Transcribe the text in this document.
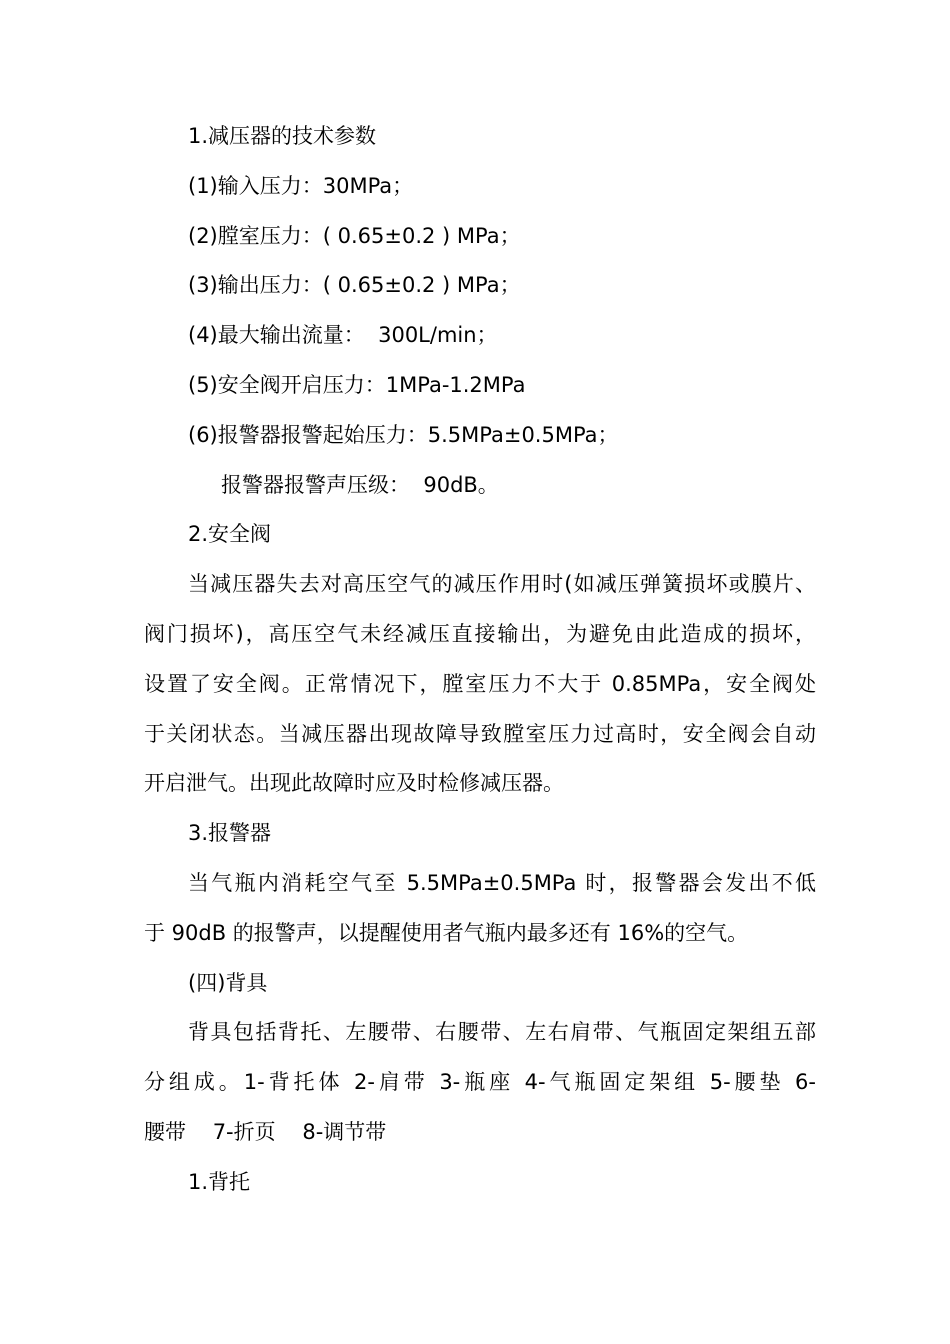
1.减压器的技术参数
(1)输入压力：30MPa；
(2)膛室压力：( 0.65±0.2 ) MPa；
(3)输出压力：( 0.65±0.2 ) MPa；
(4)最大输出流量：  300L/min；
(5)安全阀开启压力：1MPa-1.2MPa
(6)报警器报警起始压力：5.5MPa±0.5MPa；
报警器报警声压级：  90dB。
2.安全阀
当减压器失去对高压空气的减压作用时(如减压弹簧损坏或膜片、
阀门损坏)，高压空气未经减压直接输出，为避免由此造成的损坏，
设置了安全阀。正常情况下，膛室压力不大于 0.85MPa，安全阀处
于关闭状态。当减压器出现故障导致膛室压力过高时，安全阀会自动
开启泄气。出现此故障时应及时检修减压器。
3.报警器
当气瓶内消耗空气至 5.5MPa±0.5MPa 时，报警器会发出不低
于 90dB 的报警声，以提醒使用者气瓶内最多还有 16%的空气。
(四)背具
背具包括背托、左腰带、右腰带、左右肩带、气瓶固定架组五部
分组成。1-背托体 2-肩带 3-瓶座 4-气瓶固定架组 5-腰垫 6-
腰带    7-折页    8-调节带
1.背托
